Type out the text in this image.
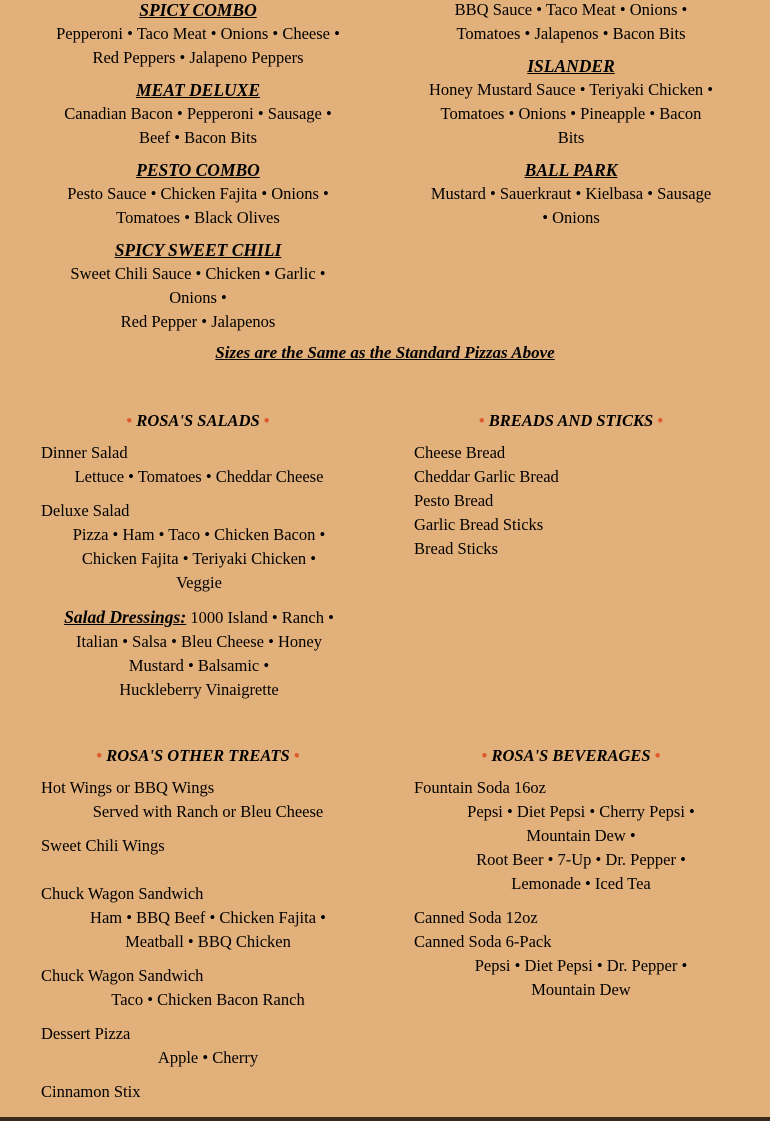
SPICY COMBO
Pepperoni • Taco Meat • Onions • Cheese •
Red Peppers • Jalapeno Peppers
MEAT DELUXE
Canadian Bacon • Pepperoni • Sausage •
Beef • Bacon Bits
PESTO COMBO
Pesto Sauce • Chicken Fajita • Onions •
Tomatoes • Black Olives
SPICY SWEET CHILI
Sweet Chili Sauce • Chicken • Garlic •
Onions •
Red Pepper • Jalapenos
BBQ Sauce • Taco Meat • Onions •
Tomatoes • Jalapenos • Bacon Bits
ISLANDER
Honey Mustard Sauce • Teriyaki Chicken •
Tomatoes • Onions • Pineapple • Bacon
Bits
BALL PARK
Mustard • Sauerkraut • Kielbasa • Sausage
• Onions
Sizes are the Same as the Standard Pizzas Above
• ROSA'S SALADS •
Dinner Salad
Lettuce • Tomatoes • Cheddar Cheese
Deluxe Salad
Pizza • Ham • Taco • Chicken Bacon •
Chicken Fajita • Teriyaki Chicken •
Veggie
Salad Dressings: 1000 Island • Ranch •
Italian • Salsa • Bleu Cheese • Honey
Mustard • Balsamic •
Huckleberry Vinaigrette
• BREADS AND STICKS •
Cheese Bread
Cheddar Garlic Bread
Pesto Bread
Garlic Bread Sticks
Bread Sticks
• ROSA'S OTHER TREATS •
Hot Wings or BBQ Wings
Served with Ranch or Bleu Cheese
Sweet Chili Wings
Chuck Wagon Sandwich
Ham • BBQ Beef • Chicken Fajita •
Meatball • BBQ Chicken
Chuck Wagon Sandwich
Taco • Chicken Bacon Ranch
Dessert Pizza
Apple • Cherry
Cinnamon Stix
• ROSA'S BEVERAGES •
Fountain Soda 16oz
Pepsi • Diet Pepsi • Cherry Pepsi •
Mountain Dew •
Root Beer • 7-Up • Dr. Pepper •
Lemonade • Iced Tea
Canned Soda 12oz
Canned Soda 6-Pack
Pepsi • Diet Pepsi • Dr. Pepper •
Mountain Dew
